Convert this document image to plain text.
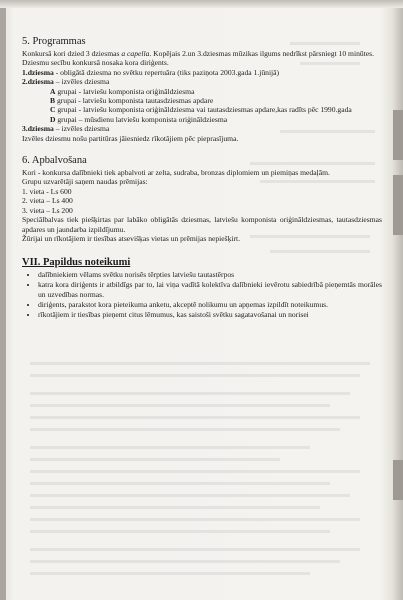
5. Programmas

Konkursā kori dzied 3 dziesmas a capella. Kopējais 2.un 3.dziesmas mūzikas ilgums nedrīkst pārsniegt 10 minūtes. Dziesmu secību konkursā nosaka kora diriģents.

1.dziesma - obligātā dziesma no svētku repertuāra (tiks paziņota 2003.gada 1.jūnijā)

2.dziesma – izvēles dziesma

A grupai - latviešu komponista oriģināldziesma

B grupai - latviešu komponista tautasdziesmas apdare

C grupai - latviešu komponista oriģināldziesma vai tautasdziesmas apdare,kas radīts pēc 1990.gada

D grupai – mūsdienu latviešu komponista oriģināldziesma

3.dziesma – izvēles dziesma

Izvēles dziesmu nošu partitūras jāiesniedz rīkotājiem pēc pieprasījuma.

6. Apbalvošana

Kori - konkursa dalībnieki tiek apbalvoti ar zelta, sudraba, bronzas diplomiem un piemiņas medaļām.

Grupu uzvarētāji saņem naudas prēmijas:

1. vieta - Ls 600

2. vieta – Ls 400

3. vieta – Ls 200

Speciālbalvas tiek piešķirtas par labāko obligātās dziesmas, latviešu komponista oriģināldziesmas, tautasdziesmas apdares un jaundarba izpildījumu.

Žūrijai un rīkotājiem ir tiesības atsevišķas vietas un prēmijas nepiešķirt.

VII. Papildus noteikumi
• dalībniekiem vēlams svētku norisēs tērpties latviešu tautastērpos
• katra kora diriģents ir atbildīgs par to, lai viņa vadītā kolektīva dalībnieki ievērotu sabiedrībā pieņemtās morāles un uzvedības normas.
• diriģents, parakstot kora pieteikuma anketu, akceptē nolikumu un apņemas izpildīt noteikumus.
• rīkotājiem ir tiesības pieņemt citus lēmumus, kas saistoši svētku sagatavošanai un norisei
